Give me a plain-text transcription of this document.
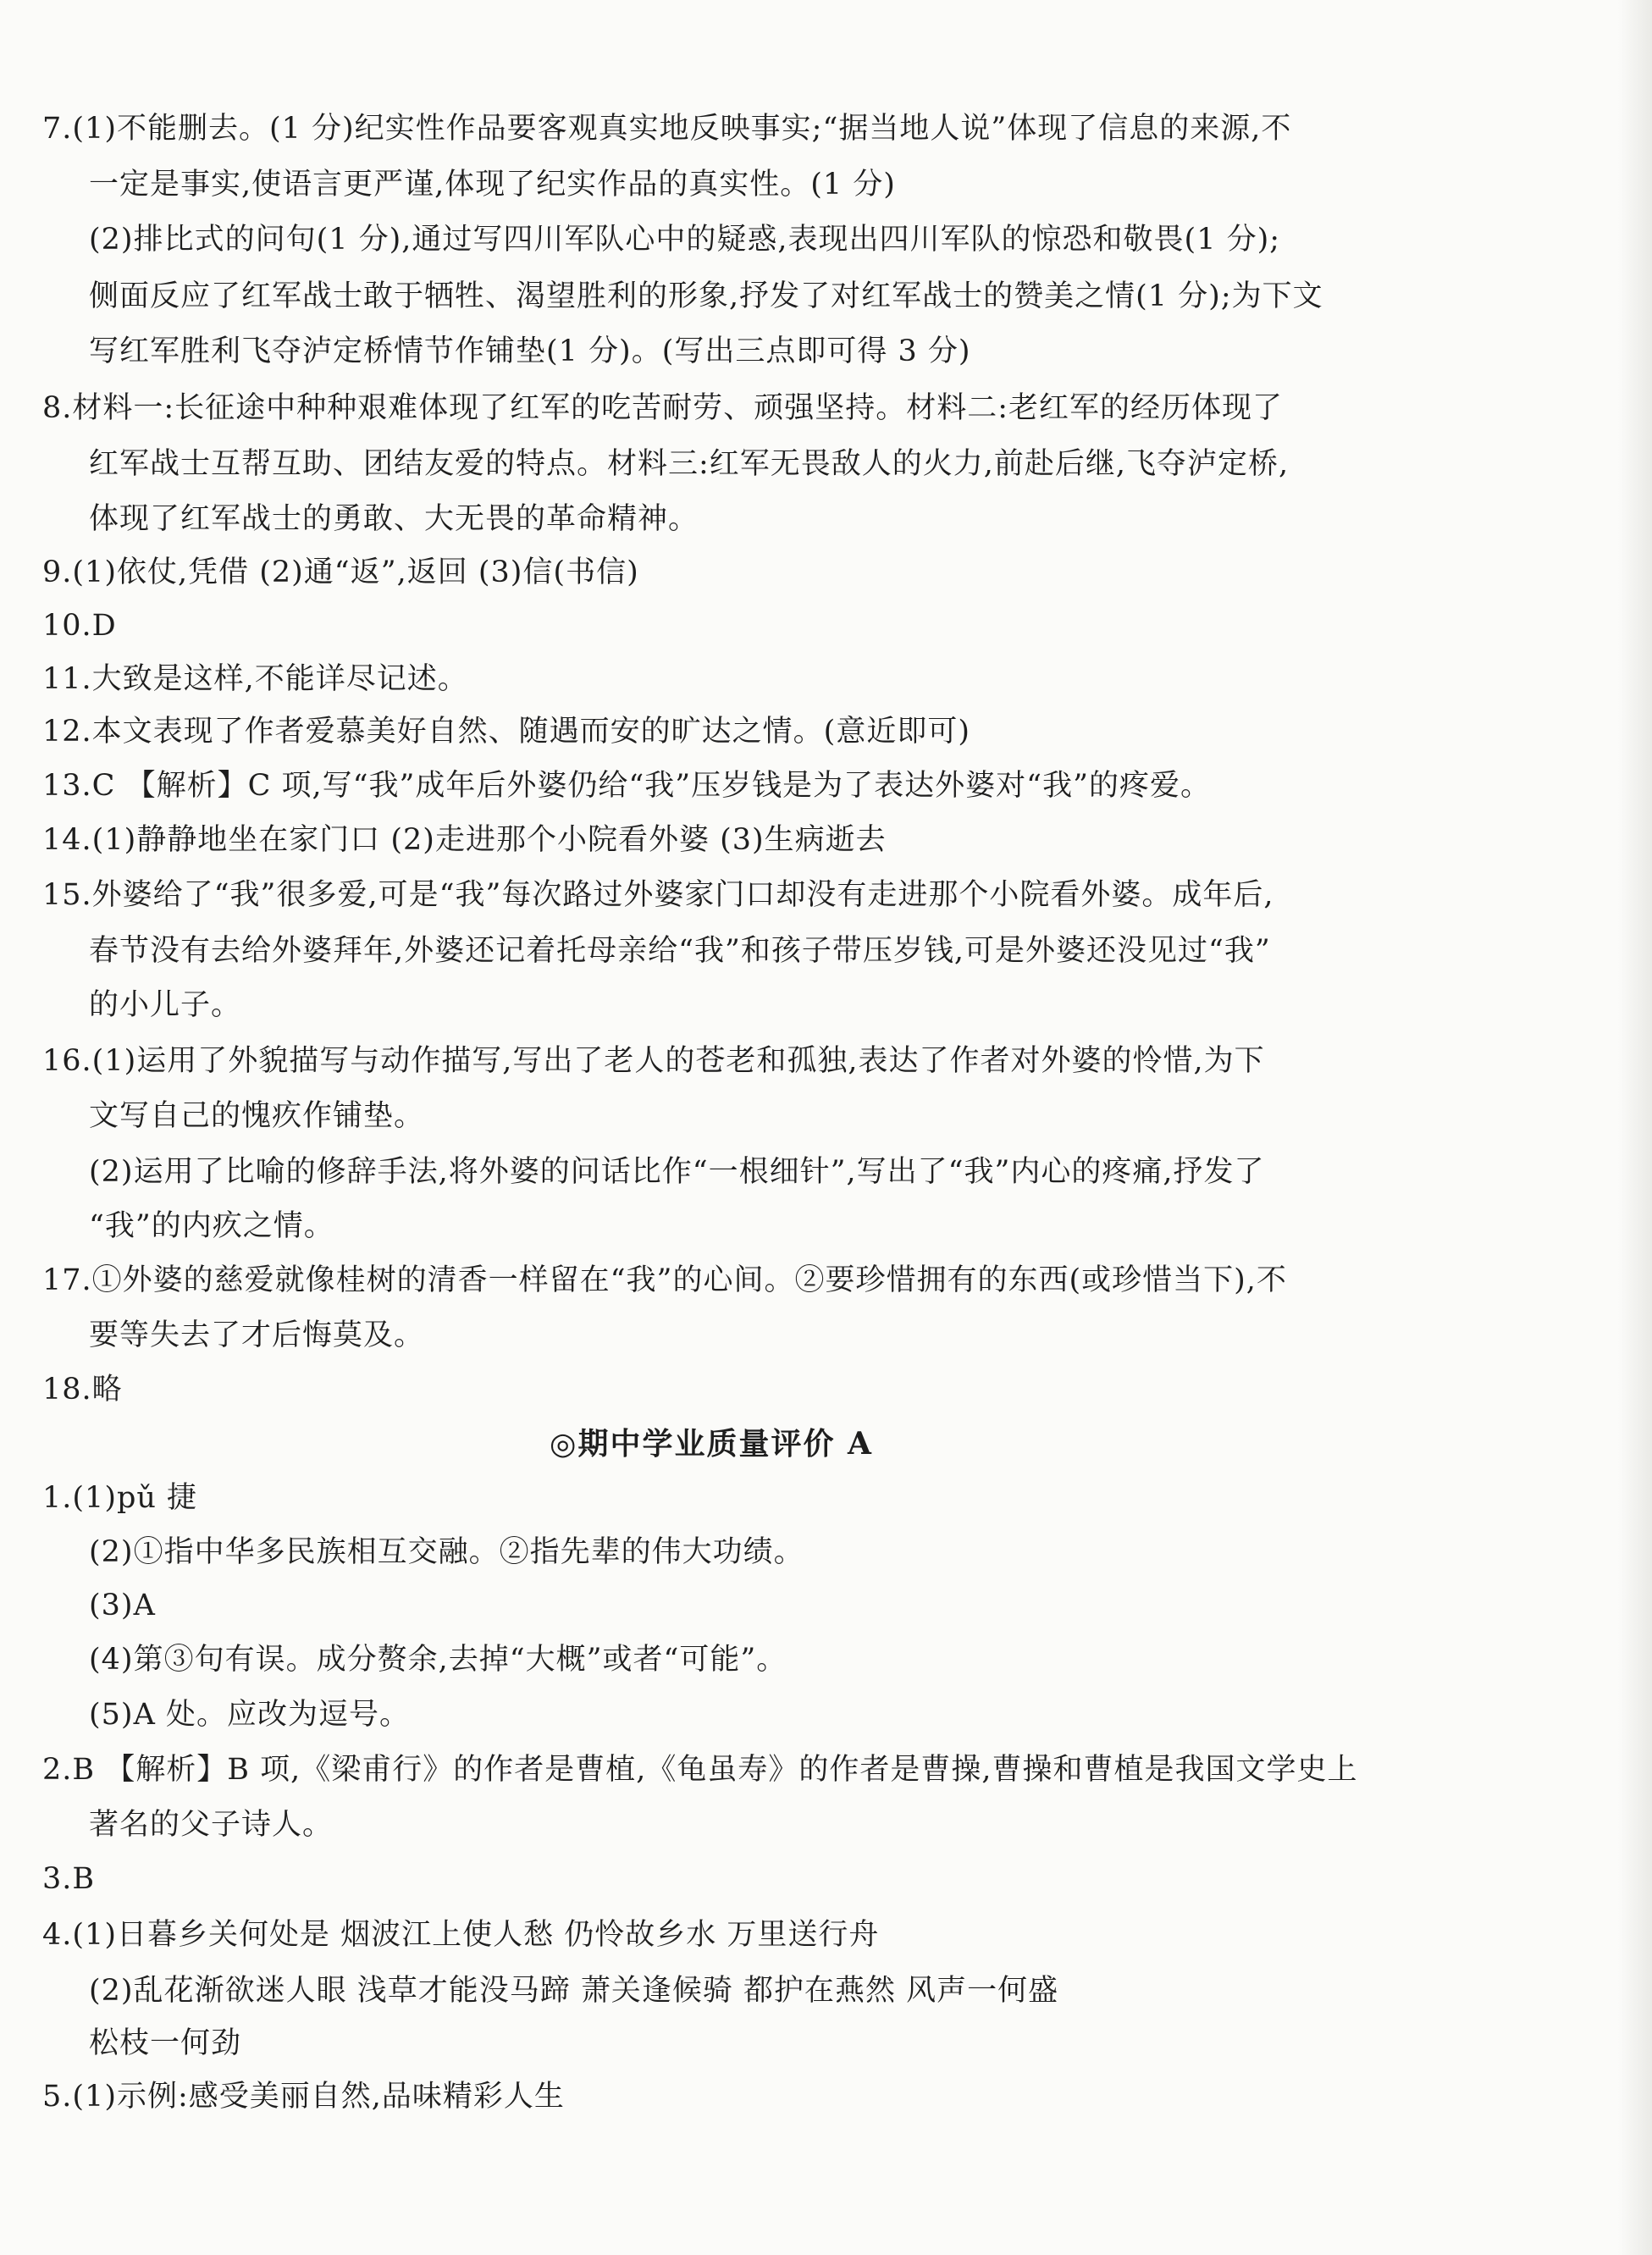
7.(1)不能删去。(1 分)纪实性作品要客观真实地反映事实;“据当地人说”体现了信息的来源,不
一定是事实,使语言更严谨,体现了纪实作品的真实性。(1 分)
(2)排比式的问句(1 分),通过写四川军队心中的疑惑,表现出四川军队的惊恐和敬畏(1 分);
侧面反应了红军战士敢于牺牲、渴望胜利的形象,抒发了对红军战士的赞美之情(1 分);为下文
写红军胜利飞夺泸定桥情节作铺垫(1 分)。(写出三点即可得 3 分)
8.材料一:长征途中种种艰难体现了红军的吃苦耐劳、顽强坚持。材料二:老红军的经历体现了
红军战士互帮互助、团结友爱的特点。材料三:红军无畏敌人的火力,前赴后继,飞夺泸定桥,
体现了红军战士的勇敢、大无畏的革命精神。
9.(1)依仗,凭借 (2)通“返”,返回 (3)信(书信)
10.D
11.大致是这样,不能详尽记述。
12.本文表现了作者爱慕美好自然、随遇而安的旷达之情。(意近即可)
13.C 【解析】C 项,写“我”成年后外婆仍给“我”压岁钱是为了表达外婆对“我”的疼爱。
14.(1)静静地坐在家门口 (2)走进那个小院看外婆 (3)生病逝去
15.外婆给了“我”很多爱,可是“我”每次路过外婆家门口却没有走进那个小院看外婆。成年后,
春节没有去给外婆拜年,外婆还记着托母亲给“我”和孩子带压岁钱,可是外婆还没见过“我”
的小儿子。
16.(1)运用了外貌描写与动作描写,写出了老人的苍老和孤独,表达了作者对外婆的怜惜,为下
文写自己的愧疚作铺垫。
(2)运用了比喻的修辞手法,将外婆的问话比作“一根细针”,写出了“我”内心的疼痛,抒发了
“我”的内疚之情。
17.①外婆的慈爱就像桂树的清香一样留在“我”的心间。②要珍惜拥有的东西(或珍惜当下),不
要等失去了才后悔莫及。
18.略
◎期中学业质量评价 A
1.(1)pǔ 捷
(2)①指中华多民族相互交融。②指先辈的伟大功绩。
(3)A
(4)第③句有误。成分赘余,去掉“大概”或者“可能”。
(5)A 处。应改为逗号。
2.B 【解析】B 项,《梁甫行》的作者是曹植,《龟虽寿》的作者是曹操,曹操和曹植是我国文学史上
著名的父子诗人。
3.B
4.(1)日暮乡关何处是 烟波江上使人愁 仍怜故乡水 万里送行舟
(2)乱花渐欲迷人眼 浅草才能没马蹄 萧关逢候骑 都护在燕然 风声一何盛
松枝一何劲
5.(1)示例:感受美丽自然,品味精彩人生
